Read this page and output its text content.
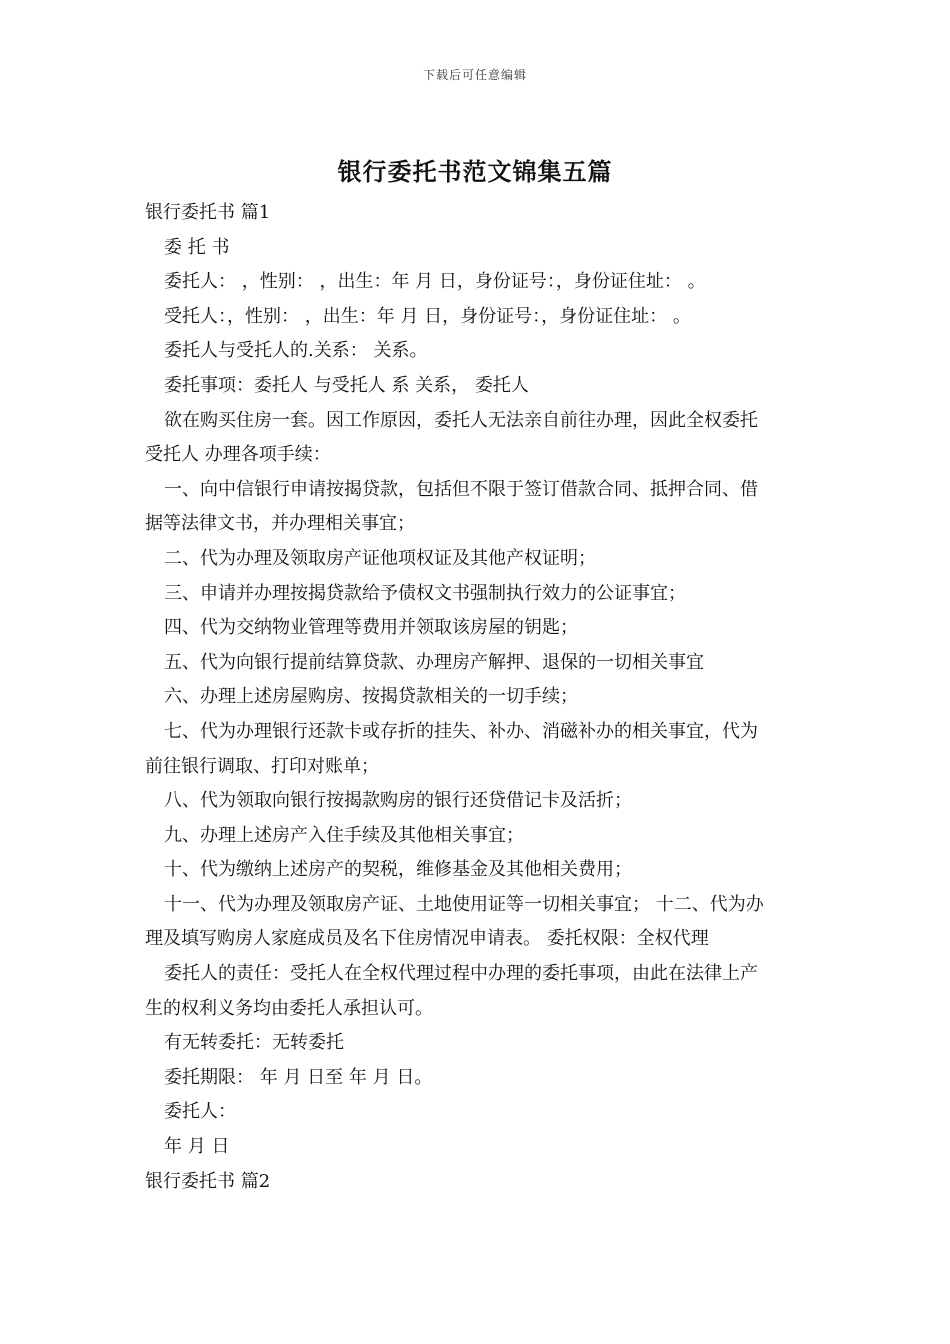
下载后可任意编辑
银行委托书范文锦集五篇
银行委托书 篇1
委 托 书
委托人： ，性别： ，出生：年 月 日，身份证号：，身份证住址： 。
受托人：，性别： ，出生：年 月 日，身份证号：，身份证住址： 。
委托人与受托人的.关系： 关系。
委托事项：委托人 与受托人 系 关系， 委托人
欲在购买住房一套。因工作原因，委托人无法亲自前往办理，因此全权委托
受托人 办理各项手续：
一、向中信银行申请按揭贷款，包括但不限于签订借款合同、抵押合同、借
据等法律文书，并办理相关事宜；
二、代为办理及领取房产证他项权证及其他产权证明；
三、申请并办理按揭贷款给予债权文书强制执行效力的公证事宜；
四、代为交纳物业管理等费用并领取该房屋的钥匙；
五、代为向银行提前结算贷款、办理房产解押、退保的一切相关事宜
六、办理上述房屋购房、按揭贷款相关的一切手续；
七、代为办理银行还款卡或存折的挂失、补办、消磁补办的相关事宜，代为
前往银行调取、打印对账单；
八、代为领取向银行按揭款购房的银行还贷借记卡及活折；
九、办理上述房产入住手续及其他相关事宜；
十、代为缴纳上述房产的契税，维修基金及其他相关费用；
十一、代为办理及领取房产证、土地使用证等一切相关事宜； 十二、代为办
理及填写购房人家庭成员及名下住房情况申请表。 委托权限：全权代理
委托人的责任：受托人在全权代理过程中办理的委托事项，由此在法律上产
生的权利义务均由委托人承担认可。
有无转委托：无转委托
委托期限： 年 月 日至 年 月 日。
委托人：
年 月 日
银行委托书 篇2
